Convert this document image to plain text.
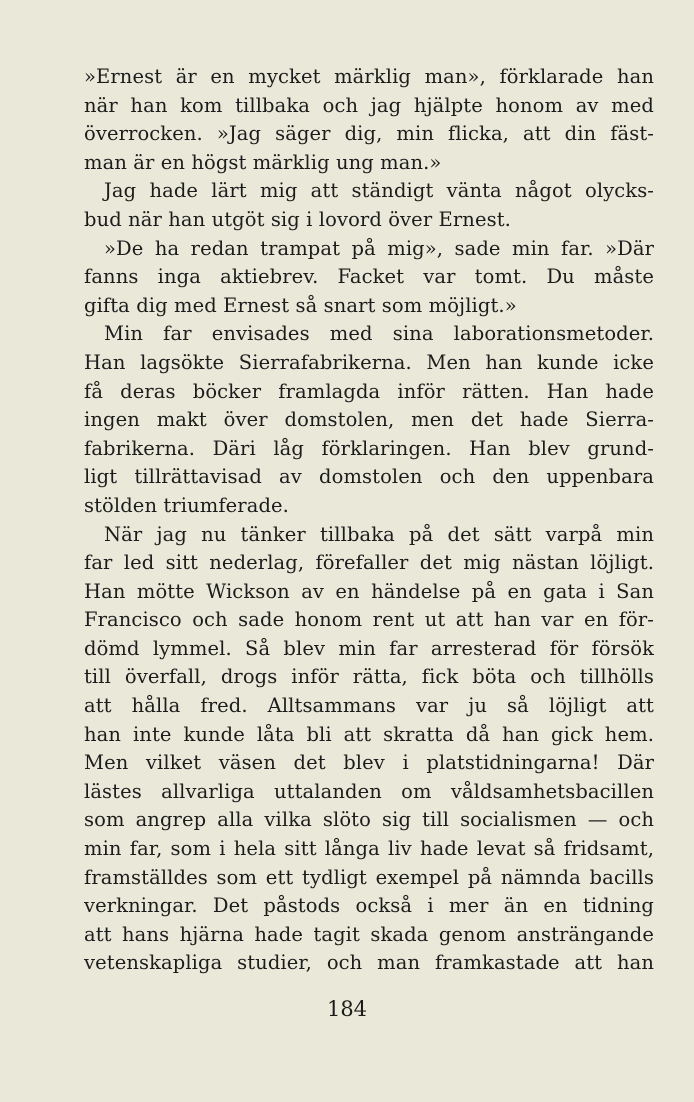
»Ernest är en mycket märklig man», förklarade han
när han kom tillbaka och jag hjälpte honom av med
överrocken. »Jag säger dig, min flicka, att din fäst-
man är en högst märklig ung man.»
Jag hade lärt mig att ständigt vänta något olycks-
bud när han utgöt sig i lovord över Ernest.
»De ha redan trampat på mig», sade min far. »Där
fanns inga aktiebrev. Facket var tomt. Du måste
gifta dig med Ernest så snart som möjligt.»
Min far envisades med sina laborationsmetoder.
Han lagsökte Sierrafabrikerna. Men han kunde icke
få deras böcker framlagda inför rätten. Han hade
ingen makt över domstolen, men det hade Sierra-
fabrikerna. Däri låg förklaringen. Han blev grund-
ligt tillrättavisad av domstolen och den uppenbara
stölden triumferade.
När jag nu tänker tillbaka på det sätt varpå min
far led sitt nederlag, förefaller det mig nästan löjligt.
Han mötte Wickson av en händelse på en gata i San
Francisco och sade honom rent ut att han var en för-
dömd lymmel. Så blev min far arresterad för försök
till överfall, drogs inför rätta, fick böta och tillhölls
att hålla fred. Alltsammans var ju så löjligt att
han inte kunde låta bli att skratta då han gick hem.
Men vilket väsen det blev i platstidningarna! Där
lästes allvarliga uttalanden om våldsamhetsbacillen
som angrep alla vilka slöto sig till socialismen — och
min far, som i hela sitt långa liv hade levat så fridsamt,
framställdes som ett tydligt exempel på nämnda bacills
verkningar. Det påstods också i mer än en tidning
att hans hjärna hade tagit skada genom ansträngande
vetenskapliga studier, och man framkastade att han
184
